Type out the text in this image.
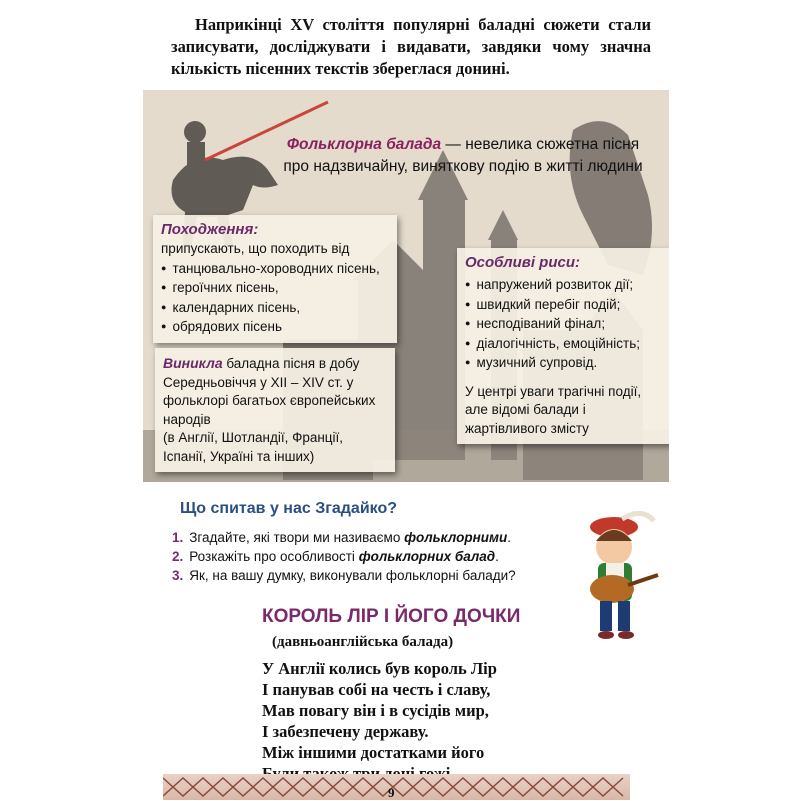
Наприкінці XV століття популярні баладні сюжети стали записувати, досліджувати і видавати, завдяки чому значна кількість пісенних текстів збереглася донині.

Фольклорна балада — невелика сюжетна пісня про надзвичайну, виняткову подію в житті людини
Походження:

припускають, що походить від

● танцювально-хороводних пісень,
● героїчних пісень,
● календарних пісень,
● обрядових пісень
Особливі риси:
● напружений розвиток дії;
● швидкий перебіг подій;
● несподіваний фінал;
● діалогічність, емоційність;
● музичний супровід.

У центрі уваги трагічні події, але відомі балади і жартівливого змісту

Виникла баладна пісня в добу Середньовіччя у XII – XIV ст. у фольклорі багатьох європейських народів

(в Англії, Шотландії, Франції, Іспанії, Україні та інших)

Що спитав у нас Згадайко?

1. Згадайте, які твори ми називаємо фольклорними.
2. Розкажіть про особливості фольклорних балад.
3. Як, на вашу думку, виконували фольклорні балади?

КОРОЛЬ ЛІР І ЙОГО ДОЧКИ

(давньоанглійська балада)

У Англії колись був король Лір
І панував собі на честь і славу,
Мав повагу він і в сусідів мир,
І забезпечену державу.
Між іншими достатками його
9
